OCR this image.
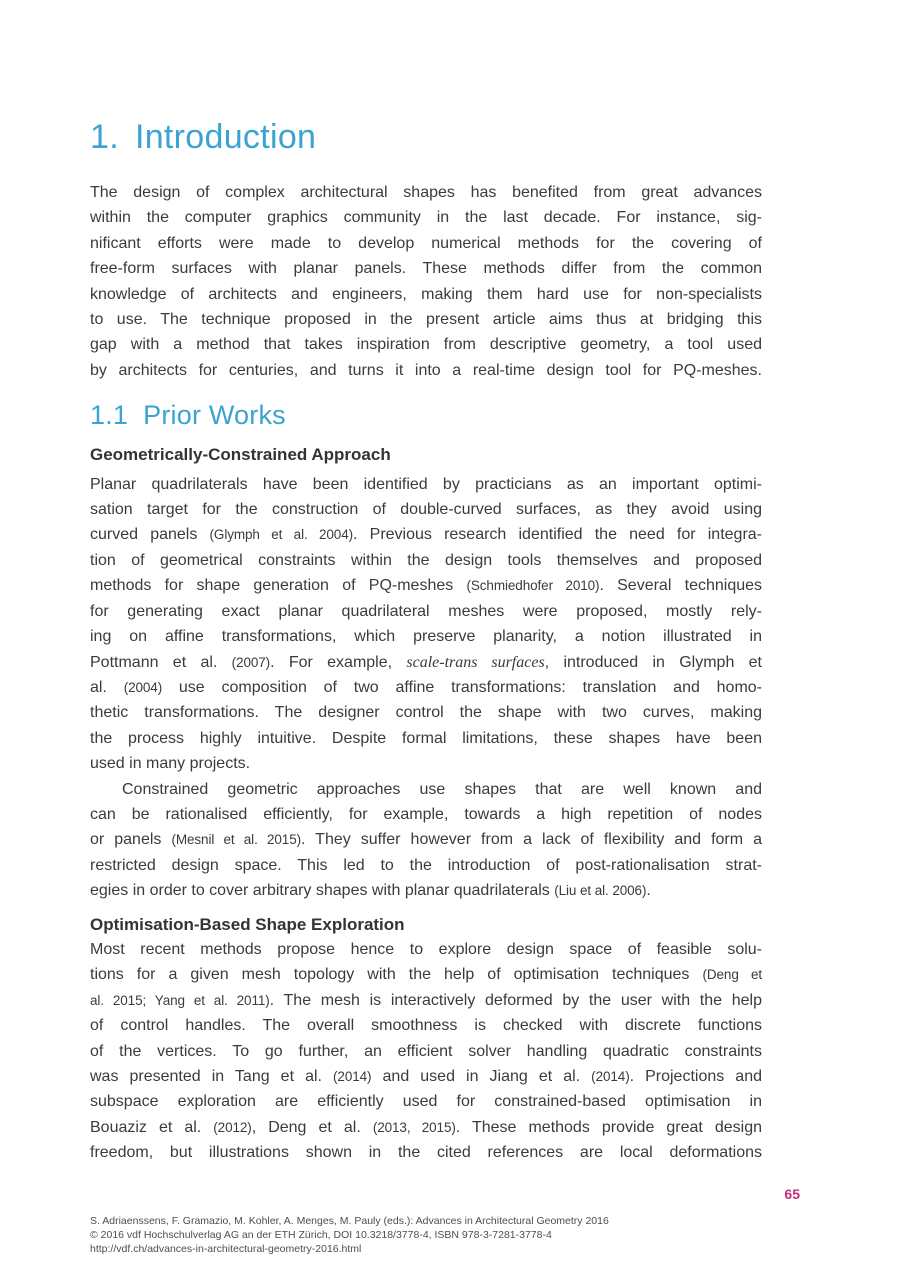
1. Introduction
The design of complex architectural shapes has benefited from great advances
within the computer graphics community in the last decade. For instance, sig-
nificant efforts were made to develop numerical methods for the covering of
free-form surfaces with planar panels. These methods differ from the common
knowledge of architects and engineers, making them hard use for non-specialists
to use. The technique proposed in the present article aims thus at bridging this
gap with a method that takes inspiration from descriptive geometry, a tool used
by architects for centuries, and turns it into a real-time design tool for PQ-meshes.
1.1 Prior Works
Geometrically-Constrained Approach
Planar quadrilaterals have been identified by practicians as an important optimi-
sation target for the construction of double-curved surfaces, as they avoid using
curved panels (Glymph et al. 2004). Previous research identified the need for integra-
tion of geometrical constraints within the design tools themselves and proposed
methods for shape generation of PQ-meshes (Schmiedhofer 2010). Several techniques
for generating exact planar quadrilateral meshes were proposed, mostly rely-
ing on affine transformations, which preserve planarity, a notion illustrated in
Pottmann et al. (2007). For example, scale-trans surfaces, introduced in Glymph et
al. (2004) use composition of two affine transformations: translation and homo-
thetic transformations. The designer control the shape with two curves, making
the process highly intuitive. Despite formal limitations, these shapes have been
used in many projects.
Constrained geometric approaches use shapes that are well known and
can be rationalised efficiently, for example, towards a high repetition of nodes
or panels (Mesnil et al. 2015). They suffer however from a lack of flexibility and form a
restricted design space. This led to the introduction of post-rationalisation strat-
egies in order to cover arbitrary shapes with planar quadrilaterals (Liu et al. 2006).
Optimisation-Based Shape Exploration
Most recent methods propose hence to explore design space of feasible solu-
tions for a given mesh topology with the help of optimisation techniques (Deng et
al. 2015; Yang et al. 2011). The mesh is interactively deformed by the user with the help
of control handles. The overall smoothness is checked with discrete functions
of the vertices. To go further, an efficient solver handling quadratic constraints
was presented in Tang et al. (2014) and used in Jiang et al. (2014). Projections and
subspace exploration are efficiently used for constrained-based optimisation in
Bouaziz et al. (2012), Deng et al. (2013, 2015). These methods provide great design
freedom, but illustrations shown in the cited references are local deformations
65
S. Adriaenssens, F. Gramazio, M. Kohler, A. Menges, M. Pauly (eds.): Advances in Architectural Geometry 2016
© 2016 vdf Hochschulverlag AG an der ETH Zürich, DOI 10.3218/3778-4, ISBN 978-3-7281-3778-4
http://vdf.ch/advances-in-architectural-geometry-2016.html
